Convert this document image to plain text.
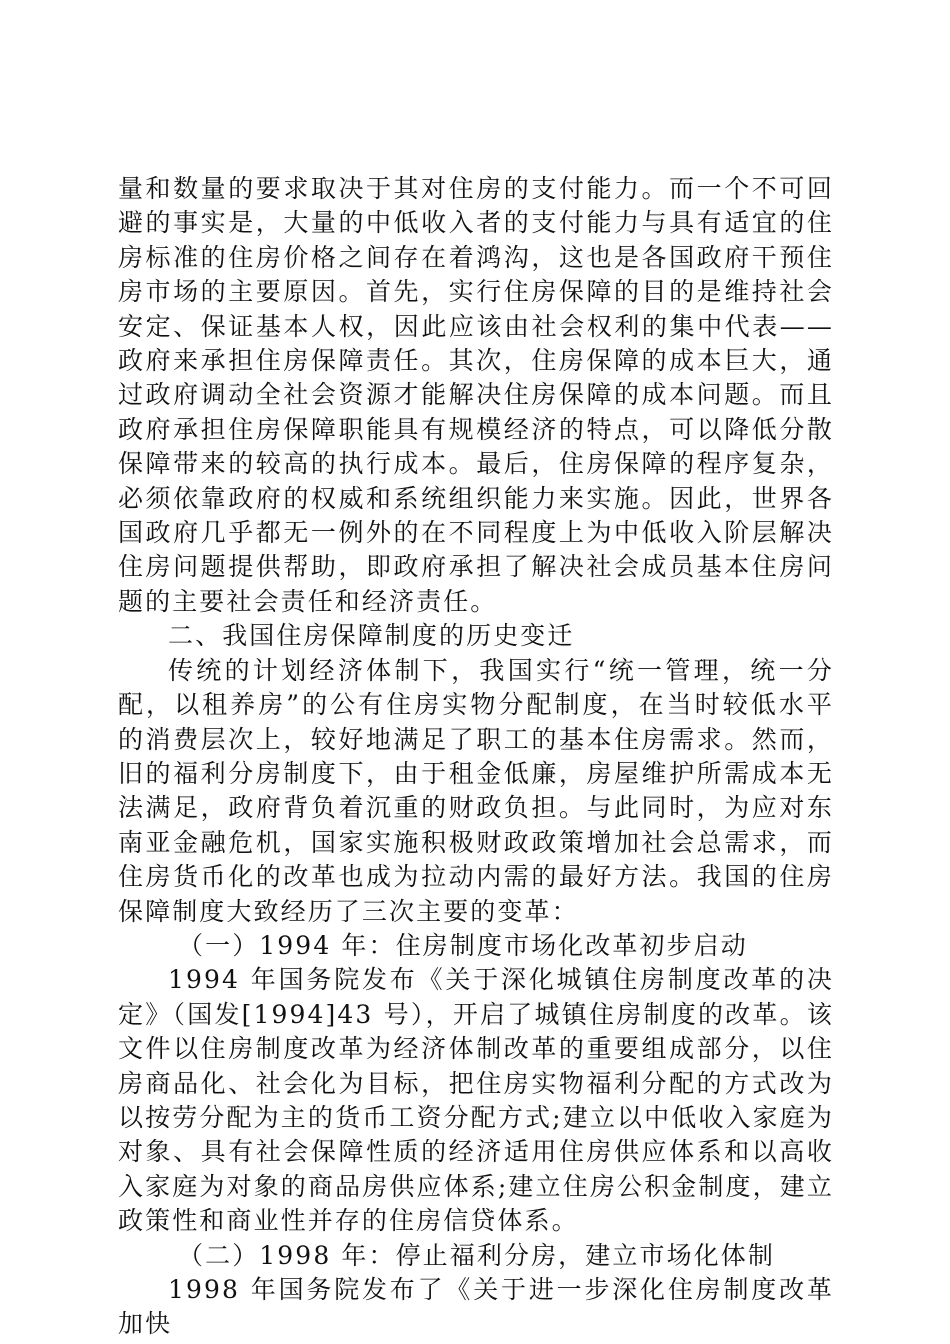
量和数量的要求取决于其对住房的支付能力。而一个不可回避的事实是，大量的中低收入者的支付能力与具有适宜的住房标准的住房价格之间存在着鸿沟，这也是各国政府干预住房市场的主要原因。首先，实行住房保障的目的是维持社会安定、保证基本人权，因此应该由社会权利的集中代表——政府来承担住房保障责任。其次，住房保障的成本巨大，通过政府调动全社会资源才能解决住房保障的成本问题。而且政府承担住房保障职能具有规模经济的特点，可以降低分散保障带来的较高的执行成本。最后，住房保障的程序复杂，必须依靠政府的权威和系统组织能力来实施。因此，世界各国政府几乎都无一例外的在不同程度上为中低收入阶层解决住房问题提供帮助，即政府承担了解决社会成员基本住房问题的主要社会责任和经济责任。

二、我国住房保障制度的历史变迁

传统的计划经济体制下，我国实行“统一管理，统一分配，以租养房”的公有住房实物分配制度，在当时较低水平的消费层次上，较好地满足了职工的基本住房需求。然而，旧的福利分房制度下，由于租金低廉，房屋维护所需成本无法满足，政府背负着沉重的财政负担。与此同时，为应对东南亚金融危机，国家实施积极财政政策增加社会总需求，而住房货币化的改革也成为拉动内需的最好方法。我国的住房保障制度大致经历了三次主要的变革：

（一）1994 年：住房制度市场化改革初步启动

1994 年国务院发布《关于深化城镇住房制度改革的决定》（国发[1994]43 号），开启了城镇住房制度的改革。该文件以住房制度改革为经济体制改革的重要组成部分，以住房商品化、社会化为目标，把住房实物福利分配的方式改为以按劳分配为主的货币工资分配方式;建立以中低收入家庭为对象、具有社会保障性质的经济适用住房供应体系和以高收入家庭为对象的商品房供应体系;建立住房公积金制度，建立政策性和商业性并存的住房信贷体系。

（二）1998 年：停止福利分房，建立市场化体制

1998 年国务院发布了《关于进一步深化住房制度改革加快
